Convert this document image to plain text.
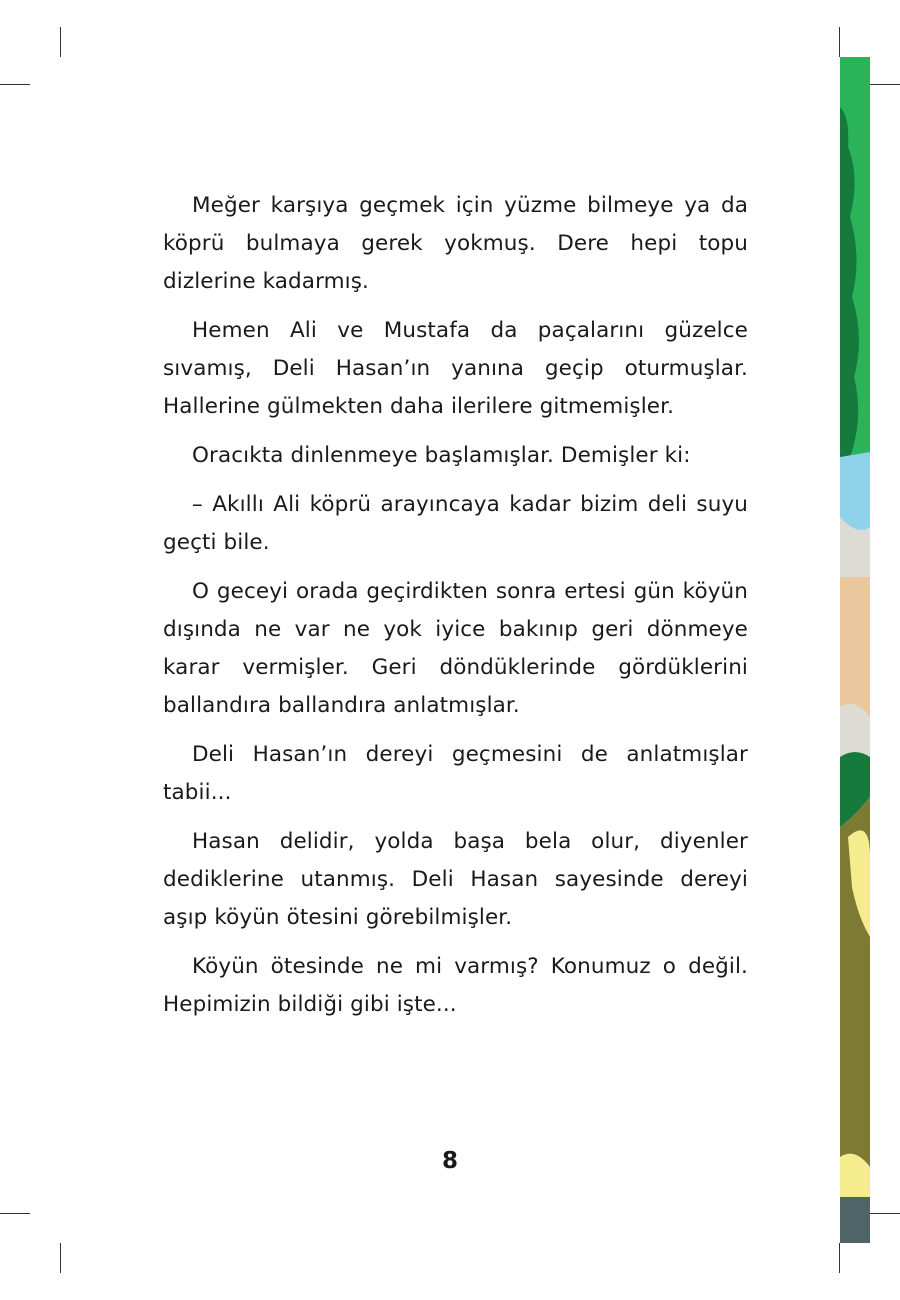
Meğer karşıya geçmek için yüzme bilmeye ya da köprü bulmaya gerek yokmuş. Dere hepi topu dizlerine kadarmış.

Hemen Ali ve Mustafa da paçalarını güzelce sıvamış, Deli Hasan’ın yanına geçip oturmuşlar. Hallerine gülmekten daha ilerilere gitmemişler.

Oracıkta dinlenmeye başlamışlar. Demişler ki:

– Akıllı Ali köprü arayıncaya kadar bizim deli suyu geçti bile.

O geceyi orada geçirdikten sonra ertesi gün köyün dışında ne var ne yok iyice bakınıp geri dönmeye karar vermişler. Geri döndüklerinde gördüklerini ballandıra ballandıra anlatmışlar.

Deli Hasan’ın dereyi geçmesini de anlatmışlar tabii...

Hasan delidir, yolda başa bela olur, diyenler dediklerine utanmış. Deli Hasan sayesinde dereyi aşıp köyün ötesini görebilmişler.

Köyün ötesinde ne mi varmış? Konumuz o değil. Hepimizin bildiği gibi işte...

8
